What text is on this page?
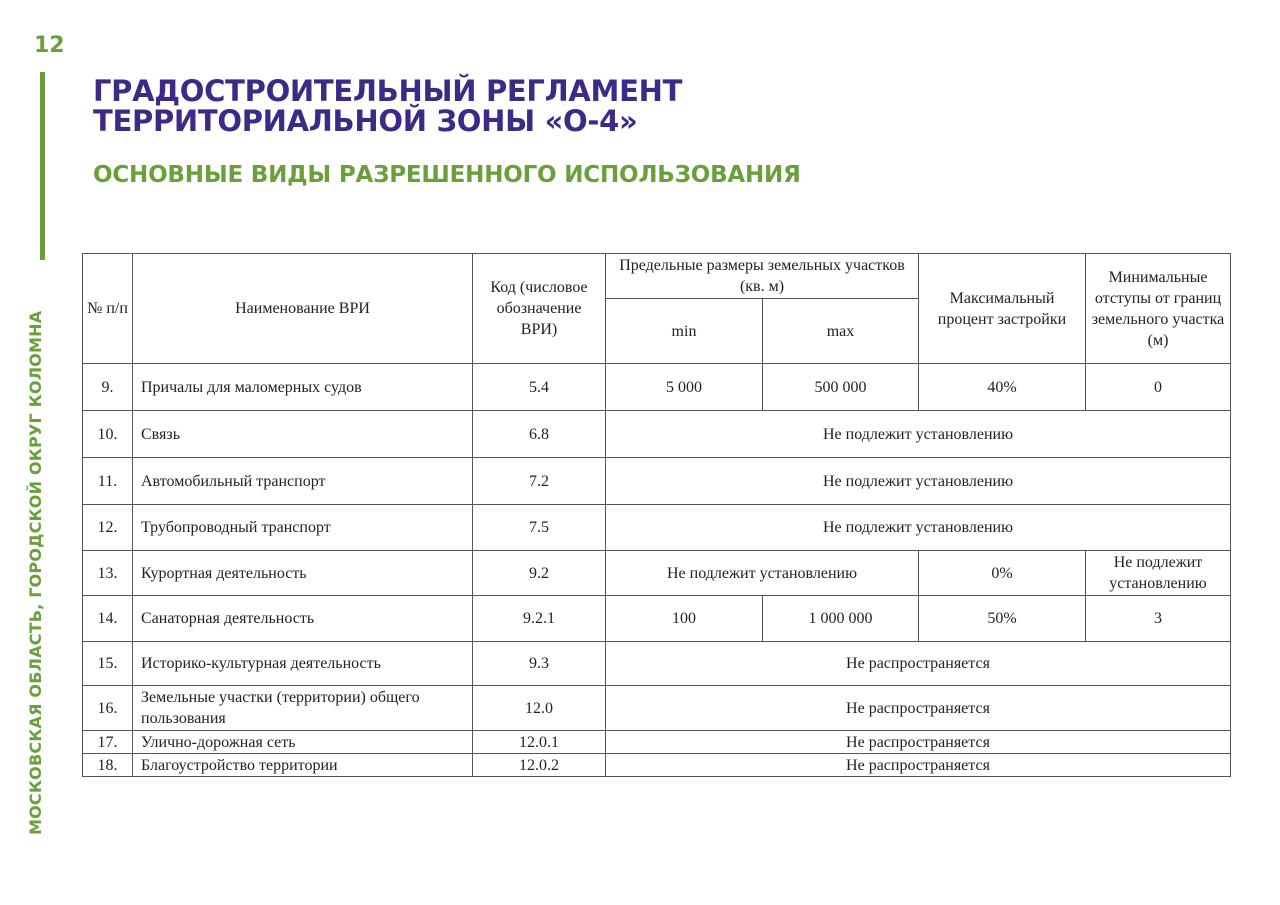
12
МОСКОВСКАЯ ОБЛАСТЬ, ГОРОДСКОЙ ОКРУГ КОЛОМНА
ГРАДОСТРОИТЕЛЬНЫЙ РЕГЛАМЕНТ
ТЕРРИТОРИАЛЬНОЙ ЗОНЫ «О-4»
ОСНОВНЫЕ ВИДЫ РАЗРЕШЕННОГО ИСПОЛЬЗОВАНИЯ
№ п/п	Наименование ВРИ	Код (числовое обозначение ВРИ)	Предельные размеры земельных участков (кв. м)		Максимальный процент застройки	Минимальные отступы от границ земельного участка (м)
			min	max		
9.	Причалы для маломерных судов	5.4	5 000	500 000	40%	0
10.	Связь	6.8	Не подлежит установлению			
11.	Автомобильный транспорт	7.2	Не подлежит установлению			
12.	Трубопроводный транспорт	7.5	Не подлежит установлению			
13.	Курортная деятельность	9.2	Не подлежит установлению		0%	Не подлежит установлению
14.	Санаторная деятельность	9.2.1	100	1 000 000	50%	3
15.	Историко-культурная деятельность	9.3	Не распространяется			
16.	Земельные участки (территории) общего пользования	12.0	Не распространяется			
17.	Улично-дорожная сеть	12.0.1	Не распространяется			
18.	Благоустройство территории	12.0.2	Не распространяется			
